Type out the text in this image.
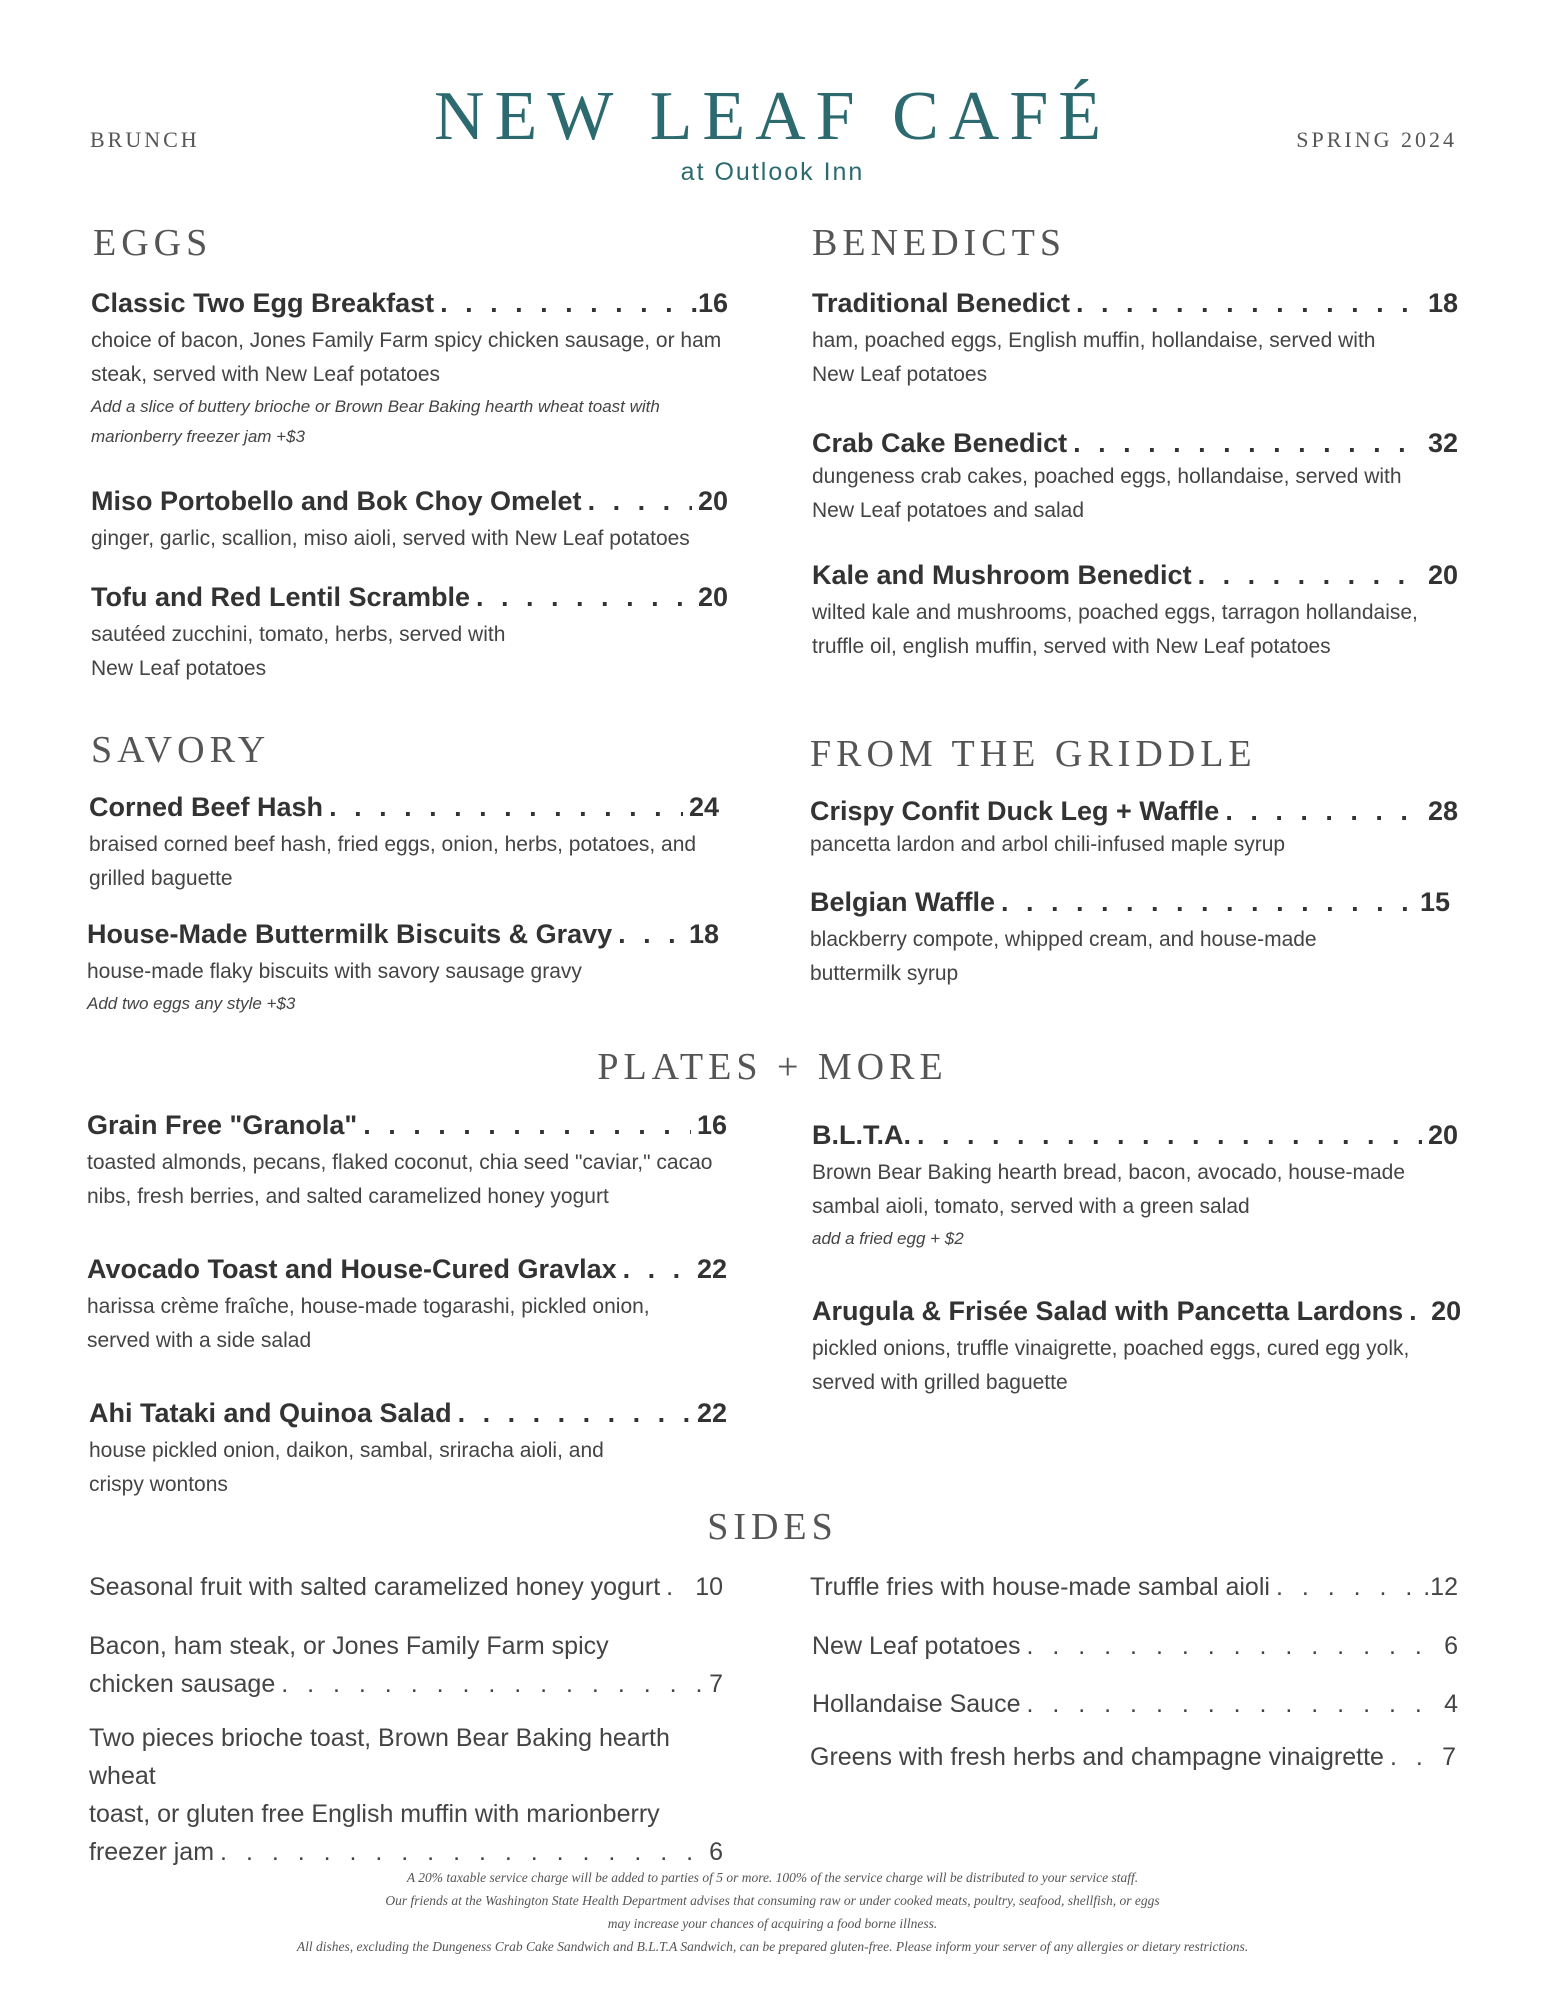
BRUNCH	NEW LEAF CAFÉ
at Outlook Inn
SPRING 2024
EGGS
Classic Two Egg Breakfast . . .	.16
choice of bacon, Jones Family Farm spicy chicken sausage, or ham steak, served with New Leaf potatoes
Add a slice of buttery brioche or Brown Bear Baking hearth wheat toast with marionberry freezer jam +$3
Miso Portobello and Bok Choy Omelet . . .	20
ginger, garlic, scallion, miso aioli, served with New Leaf potatoes
Tofu and Red Lentil Scramble . . .	20
sautéed zucchini, tomato, herbs, served with New Leaf potatoes
BENEDICTS
Traditional Benedict . . .	18
ham, poached eggs, English muffin, hollandaise, served with New Leaf potatoes
Crab Cake Benedict . . .	32
dungeness crab cakes, poached eggs, hollandaise, served with New Leaf potatoes and salad
Kale and Mushroom Benedict . . .	20
wilted kale and mushrooms, poached eggs, tarragon hollandaise, truffle oil, english muffin, served with New Leaf potatoes
SAVORY
Corned Beef Hash . . .	24
braised corned beef hash, fried eggs, onion, herbs, potatoes, and grilled baguette
House-Made Buttermilk Biscuits & Gravy . . .	18
house-made flaky biscuits with savory sausage gravy
Add two eggs any style +$3
FROM THE GRIDDLE
Crispy Confit Duck Leg + Waffle . . .	28
pancetta lardon and arbol chili-infused maple syrup
Belgian Waffle . . .	15
blackberry compote, whipped cream, and house-made buttermilk syrup
PLATES + MORE
Grain Free "Granola" . . .	16
toasted almonds, pecans, flaked coconut, chia seed "caviar," cacao nibs, fresh berries, and salted caramelized honey yogurt
Avocado Toast and House-Cured Gravlax . . .	22
harissa crème fraîche, house-made togarashi, pickled onion, served with a side salad
Ahi Tataki and Quinoa Salad . . .	22
house pickled onion, daikon, sambal, sriracha aioli, and crispy wontons
B.L.T.A. . . .	20
Brown Bear Baking hearth bread, bacon, avocado, house-made sambal aioli, tomato, served with a green salad
add a fried egg + $2
Arugula & Frisée Salad with Pancetta Lardons . . . 20
pickled onions, truffle vinaigrette, poached eggs, cured egg yolk, served with grilled baguette
SIDES
Seasonal fruit with salted caramelized honey yogurt . . . 10
Bacon, ham steak, or Jones Family Farm spicy
chicken sausage . . .	7
Two pieces brioche toast, Brown Bear Baking hearth wheat
toast, or gluten free English muffin with marionberry
freezer jam . . .	6
Truffle fries with house-made sambal aioli . . .	.12
New Leaf potatoes . . .	6
Hollandaise Sauce . . .	4
Greens with fresh herbs and champagne vinaigrette . . . 7
A 20% taxable service charge will be added to parties of 5 or more. 100% of the service charge will be distributed to your service staff.
Our friends at the Washington State Health Department advises that consuming raw or under cooked meats, poultry, seafood, shellfish, or eggs
may increase your chances of acquiring a food borne illness.
All dishes, excluding the Dungeness Crab Cake Sandwich and B.L.T.A Sandwich, can be prepared gluten-free. Please inform your server of any allergies or dietary restrictions.
